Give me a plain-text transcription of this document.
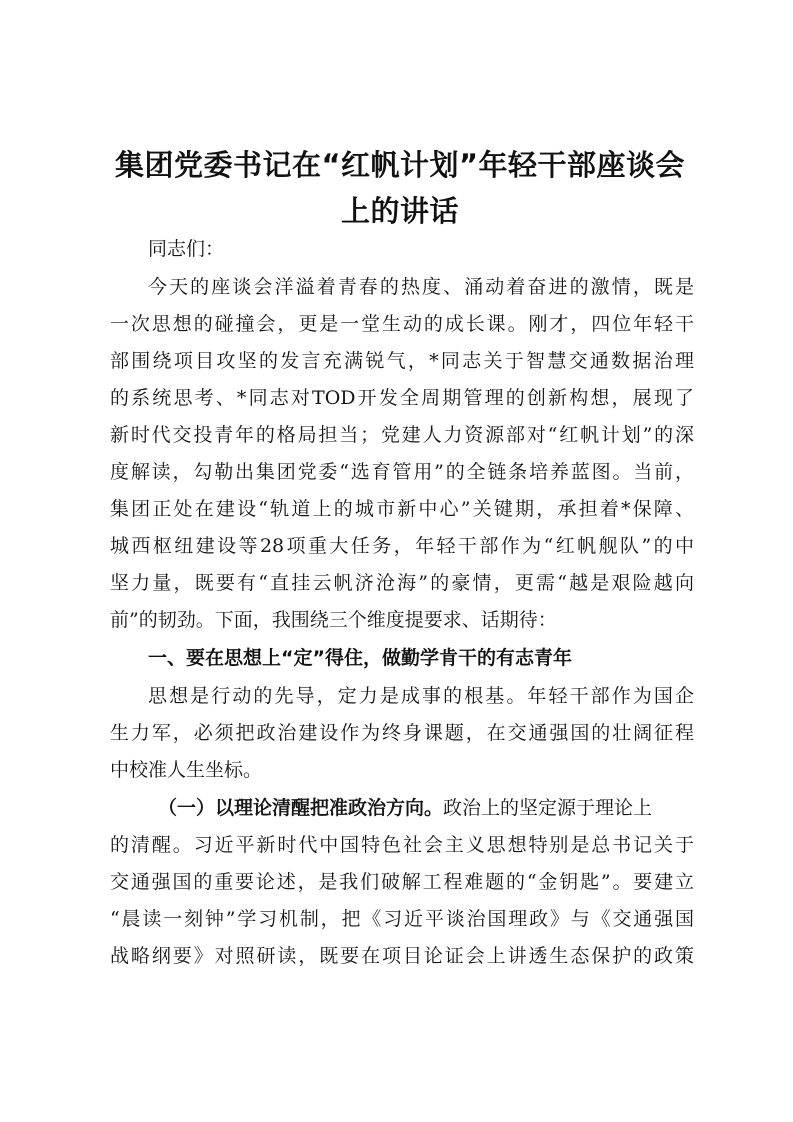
集团党委书记在“红帆计划”年轻干部座谈会
上的讲话
同志们：
今天的座谈会洋溢着青春的热度、涌动着奋进的激情，既是
一次思想的碰撞会，更是一堂生动的成长课。刚才，四位年轻干
部围绕项目攻坚的发言充满锐气，*同志关于智慧交通数据治理
的系统思考、*同志对TOD开发全周期管理的创新构想，展现了
新时代交投青年的格局担当；党建人力资源部对“红帆计划”的深
度解读，勾勒出集团党委“选育管用”的全链条培养蓝图。当前，
集团正处在建设“轨道上的城市新中心”关键期，承担着*保障、
城西枢纽建设等28项重大任务，年轻干部作为“红帆舰队”的中
坚力量，既要有“直挂云帆济沧海”的豪情，更需“越是艰险越向
前”的韧劲。下面，我围绕三个维度提要求、话期待：
一、要在思想上“定”得住，做勤学肯干的有志青年
思想是行动的先导，定力是成事的根基。年轻干部作为国企
生力军，必须把政治建设作为终身课题，在交通强国的壮阔征程
中校准人生坐标。
（一）以理论清醒把准政治方向。政治上的坚定源于理论上
的清醒。习近平新时代中国特色社会主义思想特别是总书记关于
交通强国的重要论述，是我们破解工程难题的“金钥匙”。要建立
“晨读一刻钟”学习机制，把《习近平谈治国理政》与《交通强国
战略纲要》对照研读，既要在项目论证会上讲透生态保护的政策
